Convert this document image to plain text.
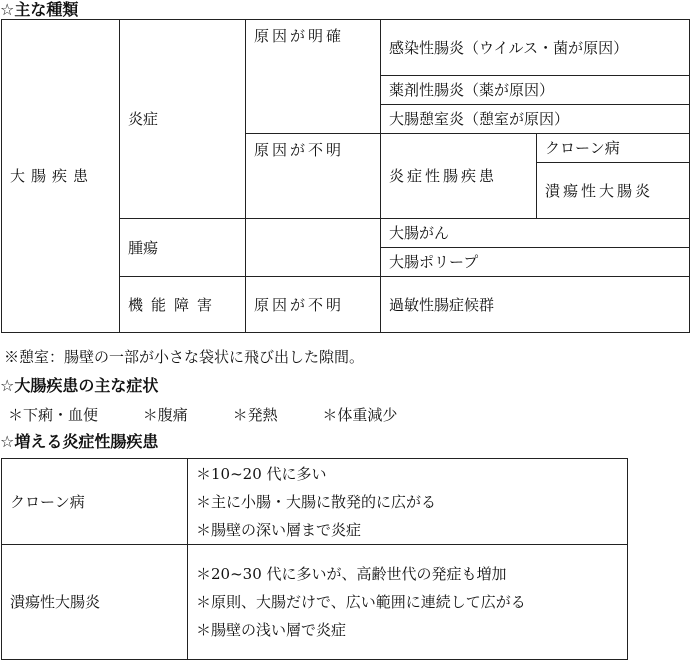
☆主な種類
大腸疾患	炎症	原因が明確	感染性腸炎（ウイルス・菌が原因）	
			薬剤性腸炎（薬が原因）	
			大腸憩室炎（憩室が原因）	
		原因が不明	炎症性腸疾患	クローン病
				潰瘍性大腸炎

	腫瘍		大腸がん	
			大腸ポリープ	
	機能障害	原因が不明	過敏性腸症候群	
※憩室：腸壁の一部が小さな袋状に飛び出した隙間。
☆大腸疾患の主な症状
＊下痢・血便	＊腹痛	＊発熱	＊体重減少
☆増える炎症性腸疾患
クローン病	＊10~20 代に多い
＊主に小腸・大腸に散発的に広がる
＊腸壁の深い層まで炎症

潰瘍性大腸炎	＊20~30 代に多いが、高齢世代の発症も増加
＊原則、大腸だけで、広い範囲に連続して広がる
＊腸壁の浅い層で炎症
